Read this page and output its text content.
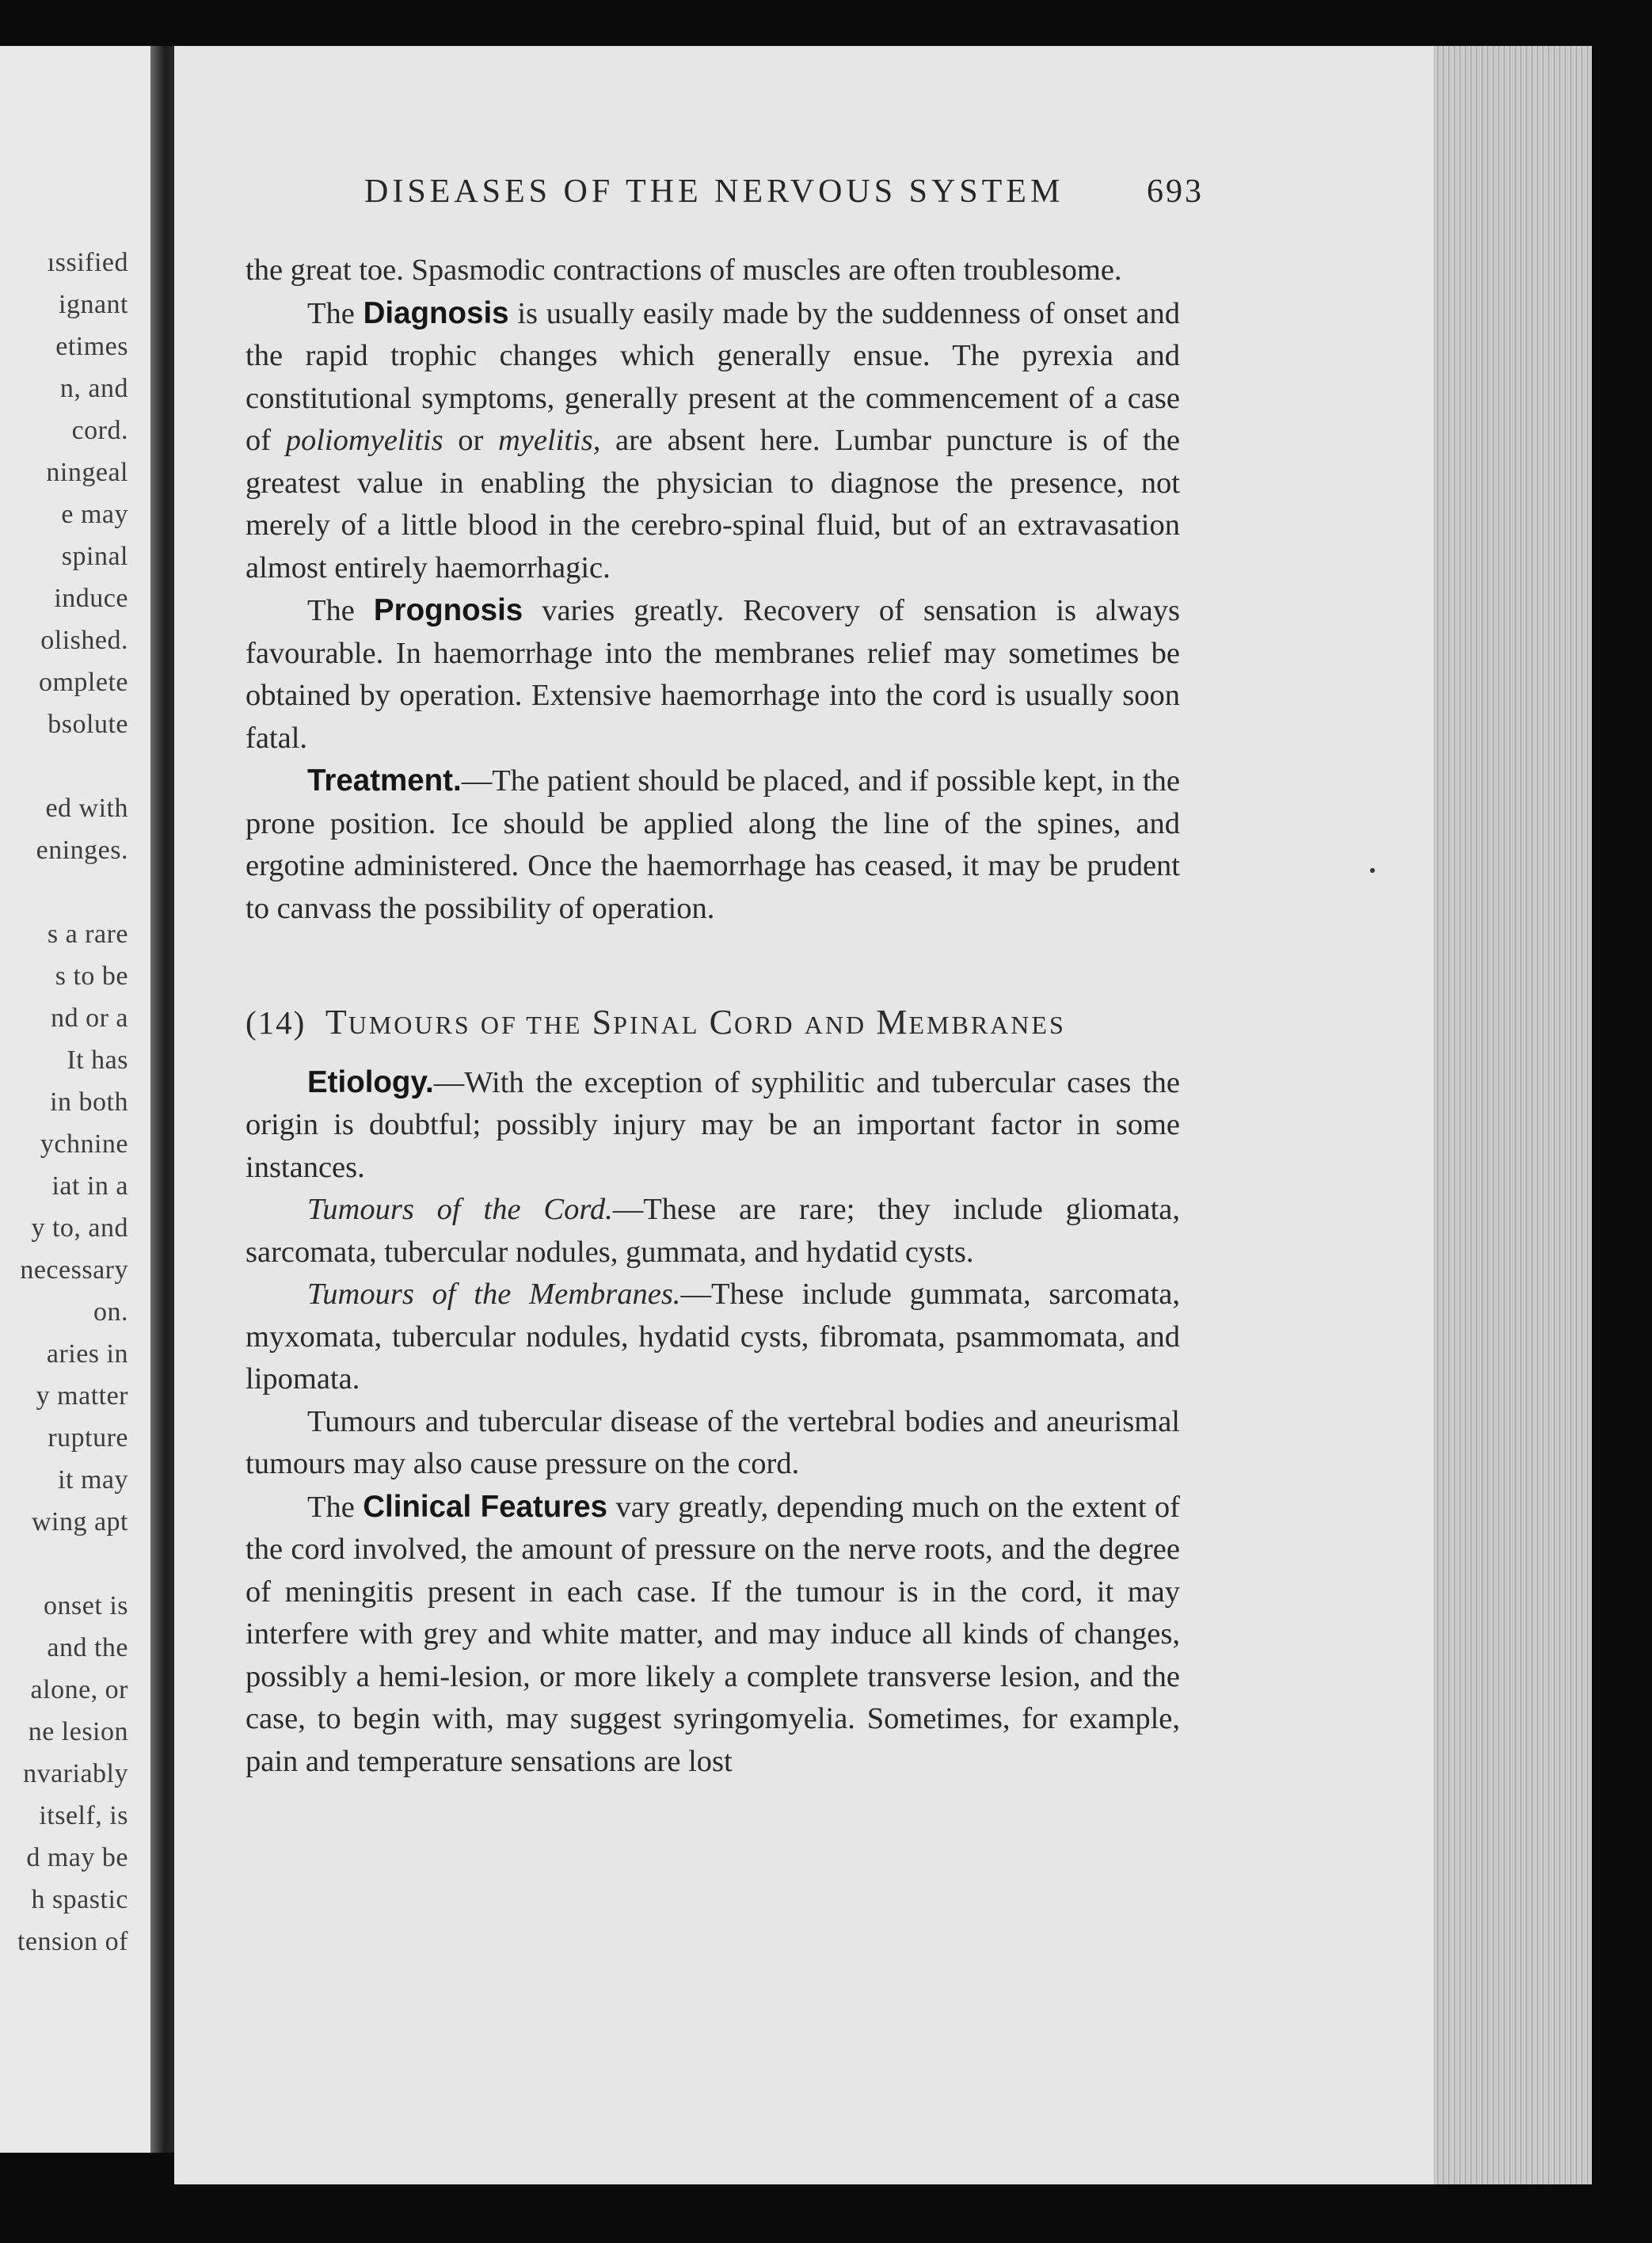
ıssified

ignant

etimes

n, and

cord.

ningeal

e may

spinal

induce

olished.

omplete

bsolute

ed with

eninges.

s a rare

s to be

nd or a

It has

in both

ychnine

iat in a

y to, and

necessary

on.

aries in

y matter

rupture

it may

wing apt

onset is

and the

alone, or

ne lesion

nvariably

itself, is

d may be

h spastic

tension of

DISEASES OF THE NERVOUS SYSTEM 693

the great toe. Spasmodic contractions of muscles are often troublesome.

The Diagnosis is usually easily made by the suddenness of onset and the rapid trophic changes which generally ensue. The pyrexia and constitutional symptoms, generally present at the commencement of a case of poliomyelitis or myelitis, are absent here. Lumbar puncture is of the greatest value in enabling the physician to diagnose the presence, not merely of a little blood in the cerebro-spinal fluid, but of an extravasation almost entirely haemorrhagic.

The Prognosis varies greatly. Recovery of sensation is always favourable. In haemorrhage into the membranes relief may sometimes be obtained by operation. Extensive haemorrhage into the cord is usually soon fatal.

Treatment.—The patient should be placed, and if possible kept, in the prone position. Ice should be applied along the line of the spines, and ergotine administered. Once the haemorrhage has ceased, it may be prudent to canvass the possibility of operation.

(14) TUMOURS OF THE SPINAL CORD AND MEMBRANES

Etiology.—With the exception of syphilitic and tubercular cases the origin is doubtful; possibly injury may be an important factor in some instances.

Tumours of the Cord.—These are rare; they include gliomata, sarcomata, tubercular nodules, gummata, and hydatid cysts.

Tumours of the Membranes.—These include gummata, sarcomata, myxomata, tubercular nodules, hydatid cysts, fibromata, psammomata, and lipomata.

Tumours and tubercular disease of the vertebral bodies and aneurismal tumours may also cause pressure on the cord.

The Clinical Features vary greatly, depending much on the extent of the cord involved, the amount of pressure on the nerve roots, and the degree of meningitis present in each case. If the tumour is in the cord, it may interfere with grey and white matter, and may induce all kinds of changes, possibly a hemi-lesion, or more likely a complete transverse lesion, and the case, to begin with, may suggest syringomyelia. Sometimes, for example, pain and temperature sensations are lost
